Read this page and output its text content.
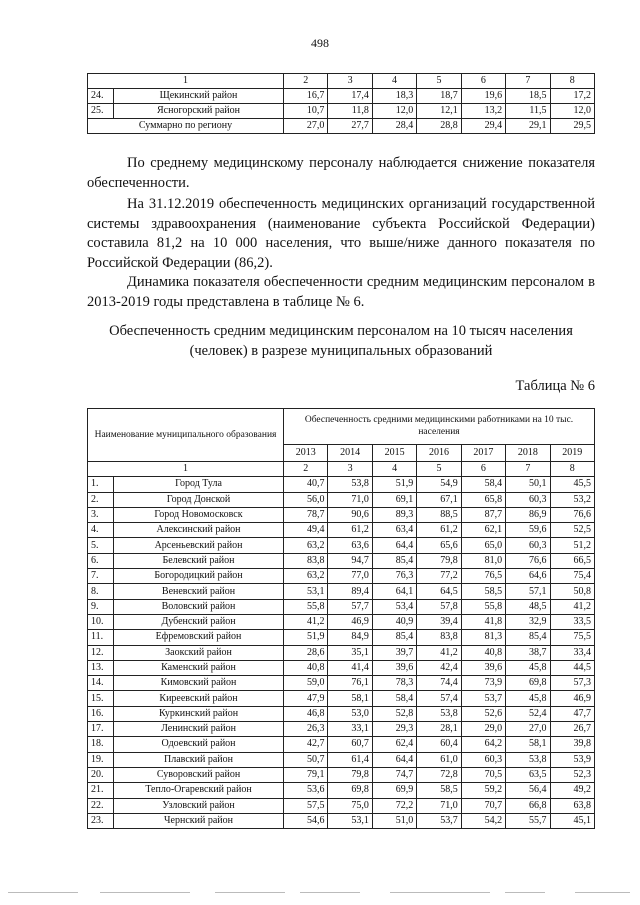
498
1		2	3	4	5	6	7	8
24.	Щекинский район	16,7	17,4	18,3	18,7	19,6	18,5	17,2
25.	Ясногорский район	10,7	11,8	12,0	12,1	13,2	11,5	12,0
Суммарно по региону		27,0	27,7	28,4	28,8	29,4	29,1	29,5

По среднему медицинскому персоналу наблюдается снижение показателя обеспеченности.

На 31.12.2019 обеспеченность медицинских организаций государственной системы здравоохранения (наименование субъекта Российской Федерации) составила 81,2 на 10 000 населения, что выше/ниже данного показателя по Российской Федерации (86,2).

Динамика показателя обеспеченности средним медицинским персоналом в 2013-2019 годы представлена в таблице № 6.

Обеспеченность средним медицинским персоналом на 10 тысяч населения (человек) в разрезе муниципальных образований

Таблица № 6
Наименование муниципального образования		Обеспеченность средними медицинскими работниками на 10 тыс. населения						
		2013	2014	2015	2016	2017	2018	2019
1		2	3	4	5	6	7	8
1.	Город Тула	40,7	53,8	51,9	54,9	58,4	50,1	45,5
2.	Город Донской	56,0	71,0	69,1	67,1	65,8	60,3	53,2
3.	Город Новомосковск	78,7	90,6	89,3	88,5	87,7	86,9	76,6
4.	Алексинский район	49,4	61,2	63,4	61,2	62,1	59,6	52,5
5.	Арсеньевский район	63,2	63,6	64,4	65,6	65,0	60,3	51,2
6.	Белевский район	83,8	94,7	85,4	79,8	81,0	76,6	66,5
7.	Богородицкий район	63,2	77,0	76,3	77,2	76,5	64,6	75,4
8.	Веневский район	53,1	89,4	64,1	64,5	58,5	57,1	50,8
9.	Воловский район	55,8	57,7	53,4	57,8	55,8	48,5	41,2
10.	Дубенский район	41,2	46,9	40,9	39,4	41,8	32,9	33,5
11.	Ефремовский район	51,9	84,9	85,4	83,8	81,3	85,4	75,5
12.	Заокский район	28,6	35,1	39,7	41,2	40,8	38,7	33,4
13.	Каменский район	40,8	41,4	39,6	42,4	39,6	45,8	44,5
14.	Кимовский район	59,0	76,1	78,3	74,4	73,9	69,8	57,3
15.	Киреевский район	47,9	58,1	58,4	57,4	53,7	45,8	46,9
16.	Куркинский район	46,8	53,0	52,8	53,8	52,6	52,4	47,7
17.	Ленинский район	26,3	33,1	29,3	28,1	29,0	27,0	26,7
18.	Одоевский район	42,7	60,7	62,4	60,4	64,2	58,1	39,8
19.	Плавский район	50,7	61,4	64,4	61,0	60,3	53,8	53,9
20.	Суворовский район	79,1	79,8	74,7	72,8	70,5	63,5	52,3
21.	Тепло-Огаревский район	53,6	69,8	69,9	58,5	59,2	56,4	49,2
22.	Узловский район	57,5	75,0	72,2	71,0	70,7	66,8	63,8
23.	Чернский район	54,6	53,1	51,0	53,7	54,2	55,7	45,1
